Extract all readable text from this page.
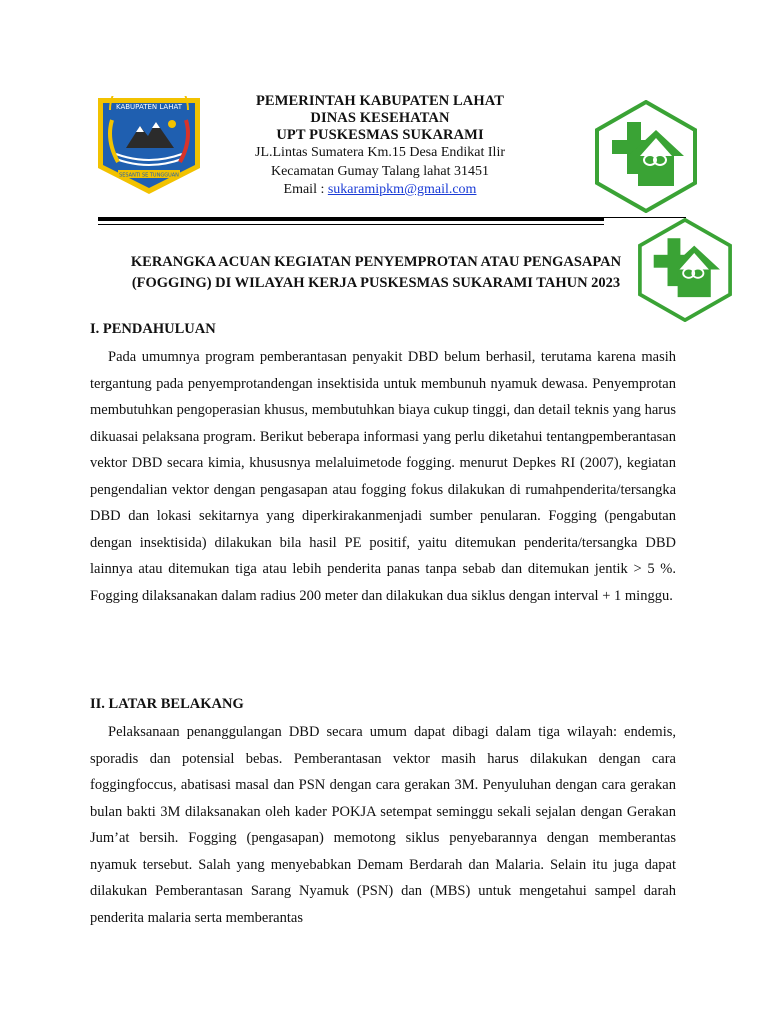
KABUPATEN LAHAT
SESANTI SE TUNGGUAN
PEMERINTAH KABUPATEN LAHAT
DINAS KESEHATAN
UPT PUSKESMAS SUKARAMI
JL.Lintas Sumatera Km.15 Desa Endikat Ilir
Kecamatan Gumay Talang lahat 31451
Email : sukaramipkm@gmail.com
KERANGKA ACUAN KEGIATAN PENYEMPROTAN ATAU PENGASAPAN
(FOGGING) DI WILAYAH KERJA PUSKESMAS SUKARAMI TAHUN 2023
I. PENDAHULUAN
Pada umumnya program pemberantasan penyakit DBD belum berhasil, terutama karena masih tergantung pada penyemprotandengan insektisida untuk membunuh nyamuk dewasa. Penyemprotan membutuhkan pengoperasian khusus, membutuhkan biaya cukup tinggi, dan detail teknis yang harus dikuasai pelaksana program. Berikut beberapa informasi yang perlu diketahui tentangpemberantasan vektor DBD secara kimia, khususnya melaluimetode fogging. menurut Depkes RI (2007), kegiatan pengendalian vektor dengan pengasapan atau fogging fokus dilakukan di rumahpenderita/tersangka DBD dan lokasi sekitarnya yang diperkirakanmenjadi sumber penularan. Fogging (pengabutan dengan insektisida) dilakukan bila hasil PE positif, yaitu ditemukan penderita/tersangka DBD lainnya atau ditemukan tiga atau lebih penderita panas tanpa sebab dan ditemukan jentik > 5 %. Fogging dilaksanakan dalam radius 200 meter dan dilakukan dua siklus dengan interval + 1 minggu.
II. LATAR BELAKANG
Pelaksanaan penanggulangan DBD secara umum dapat dibagi dalam tiga wilayah: endemis, sporadis dan potensial bebas. Pemberantasan vektor masih harus dilakukan dengan cara foggingfoccus, abatisasi masal dan PSN dengan cara gerakan 3M. Penyuluhan dengan cara gerakan bulan bakti 3M dilaksanakan oleh kader POKJA setempat seminggu sekali sejalan dengan Gerakan Jum’at bersih. Fogging (pengasapan) memotong siklus penyebarannya dengan memberantas nyamuk tersebut. Salah yang menyebabkan Demam Berdarah dan Malaria. Selain itu juga dapat dilakukan Pemberantasan Sarang Nyamuk (PSN) dan (MBS) untuk mengetahui sampel darah penderita malaria serta memberantas
